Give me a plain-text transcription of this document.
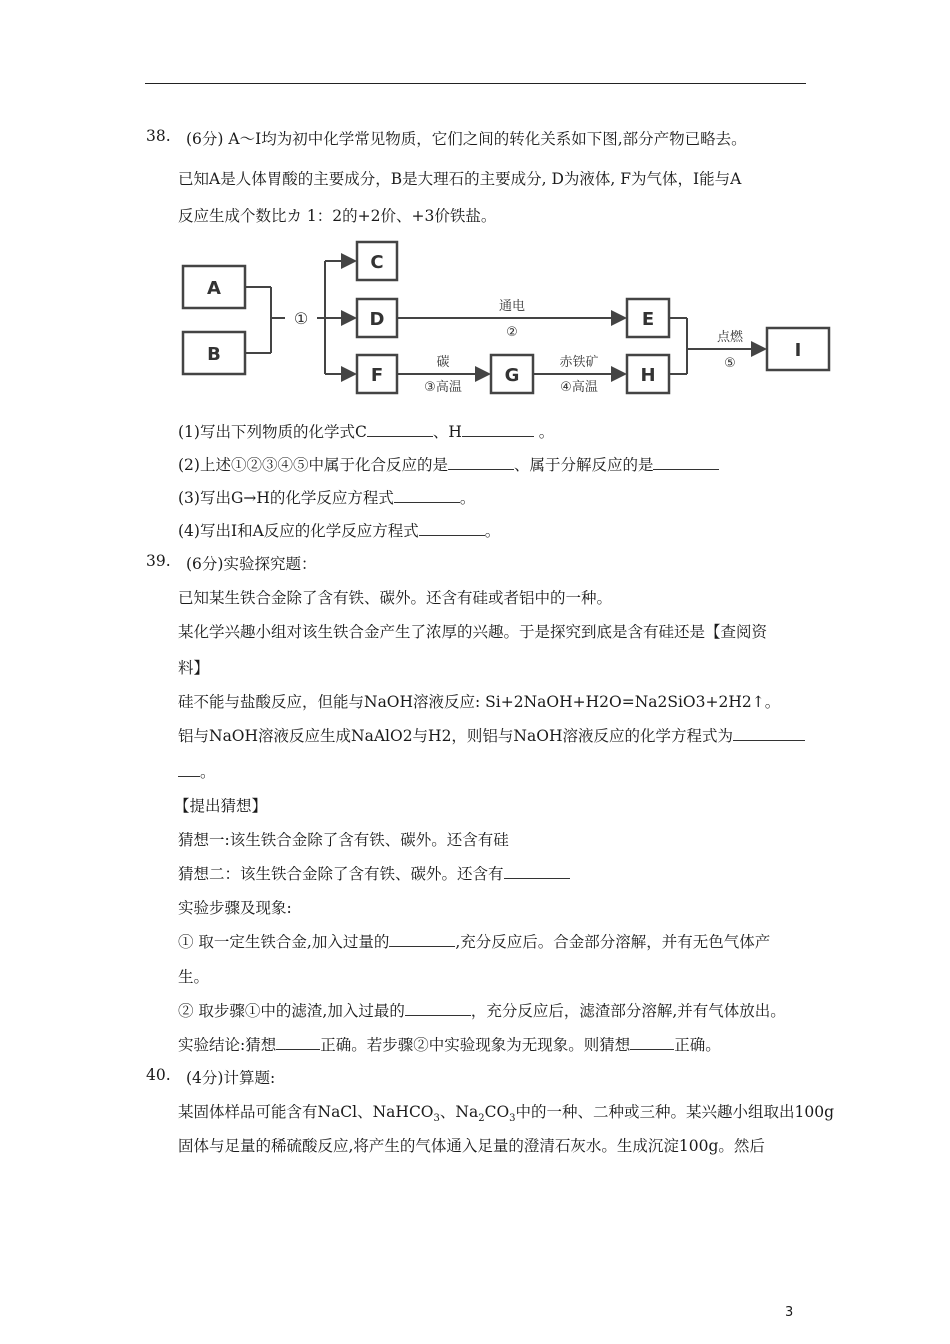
38. (6分) A～I均为初中化学常见物质，它们之间的转化关系如下图,部分产物已略去。
已知A是人体胃酸的主要成分，B是大理石的主要成分, D为液体, F为气体，I能与A
反应生成个数比カ 1：2的+2价、+3价铁盐。
A
B
C
D
F	G
E
H
I
①
通电
②
碳
③高温
赤铁矿
④高温
点燃
⑤
(1)写出下列物质的化学式C	、H	。
(2)上述①②③④⑤中属于化合反应的是	、属于分解反应的是
(3)写出G→H的化学反应方程式	。
(4)写出I和A反应的化学反应方程式	。
39. (6分)实验探究题：
已知某生铁合金除了含有铁、碳外。还含有硅或者铝中的一种。
某化学兴趣小组对该生铁合金产生了浓厚的兴趣。于是探究到底是含有硅还是【查阅资
料】
硅不能与盐酸反应，但能与NaOH溶液反应: Si+2NaOH+H2O=Na2SiO3+2H2↑。
铝与NaOH溶液反应生成NaAlO2与H2，则铝与NaOH溶液反应的化学方程式为
。
【提出猜想】
猜想一:该生铁合金除了含有铁、碳外。还含有硅
猜想二：该生铁合金除了含有铁、碳外。还含有
实验步骤及现象:
① 取一定生铁合金,加入过量的	,充分反应后。合金部分溶解，并有无色气体产
生。
② 取步骤①中的滤渣,加入过最的	，充分反应后，滤渣部分溶解,并有气体放出。
实验结论:猜想	正确。若步骤②中实验现象为无现象。则猜想	正确。
40. (4分)计算题:
某固体样品可能含有NaCl、NaHCO$_3$、$Na_2CO_3$中的一种、二种或三种。某兴趣小组取出100g
固体与足量的稀硫酸反应,将产生的气体通入足量的澄清石灰水。生成沉淀100g。然后
3
